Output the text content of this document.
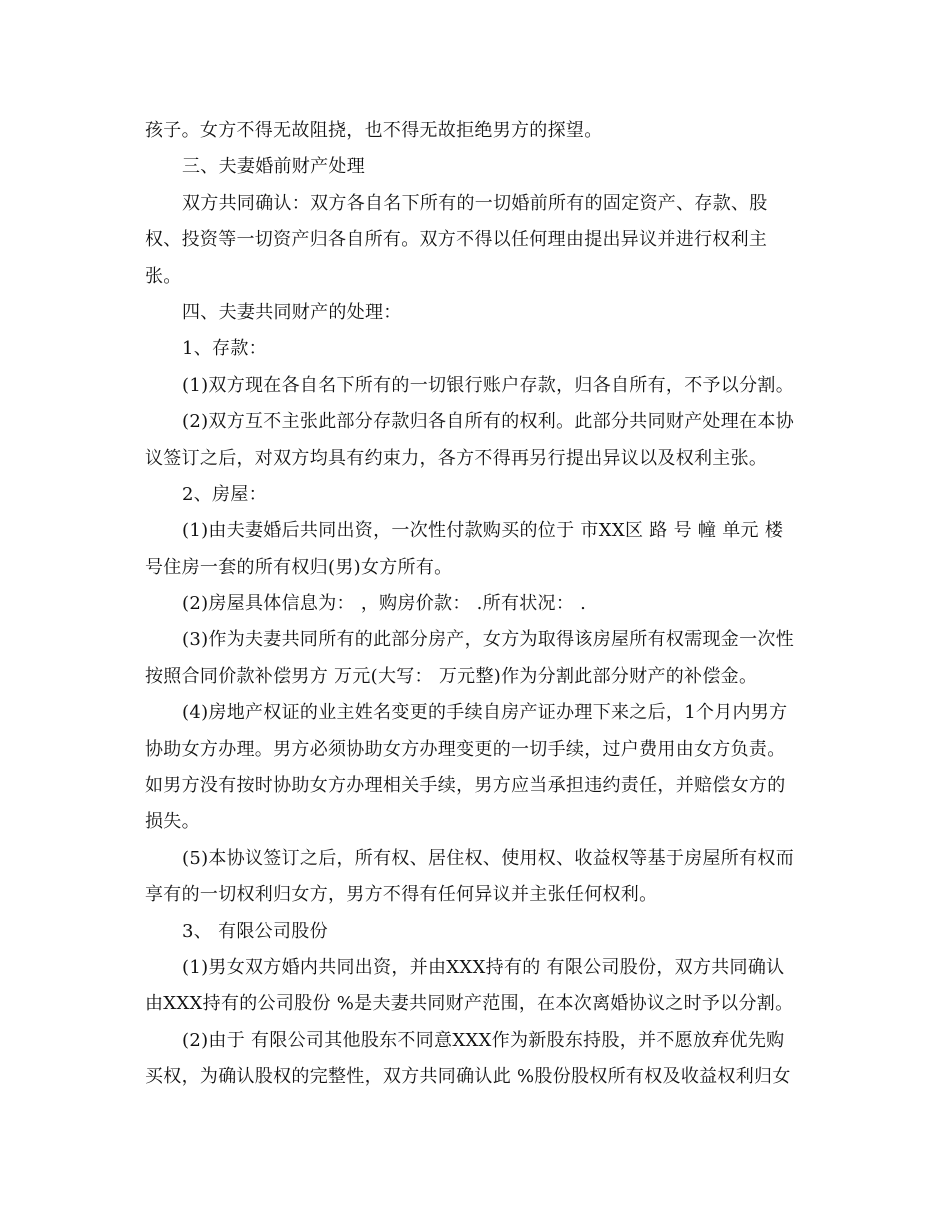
孩子。女方不得无故阻挠，也不得无故拒绝男方的探望。
三、夫妻婚前财产处理
双方共同确认：双方各自名下所有的一切婚前所有的固定资产、存款、股
权、投资等一切资产归各自所有。双方不得以任何理由提出异议并进行权利主
张。
四、夫妻共同财产的处理：
1、存款：
(1)双方现在各自名下所有的一切银行账户存款，归各自所有，不予以分割。
(2)双方互不主张此部分存款归各自所有的权利。此部分共同财产处理在本协
议签订之后，对双方均具有约束力，各方不得再另行提出异议以及权利主张。
2、房屋：
(1)由夫妻婚后共同出资，一次性付款购买的位于 市XX区 路 号 幢 单元 楼
号住房一套的所有权归(男)女方所有。
(2)房屋具体信息为： ，购房价款： .所有状况： .
(3)作为夫妻共同所有的此部分房产，女方为取得该房屋所有权需现金一次性
按照合同价款补偿男方 万元(大写： 万元整)作为分割此部分财产的补偿金。
(4)房地产权证的业主姓名变更的手续自房产证办理下来之后，1个月内男方
协助女方办理。男方必须协助女方办理变更的一切手续，过户费用由女方负责。
如男方没有按时协助女方办理相关手续，男方应当承担违约责任，并赔偿女方的
损失。
(5)本协议签订之后，所有权、居住权、使用权、收益权等基于房屋所有权而
享有的一切权利归女方，男方不得有任何异议并主张任何权利。
3、 有限公司股份
(1)男女双方婚内共同出资，并由XXX持有的 有限公司股份，双方共同确认
由XXX持有的公司股份 %是夫妻共同财产范围，在本次离婚协议之时予以分割。
(2)由于 有限公司其他股东不同意XXX作为新股东持股，并不愿放弃优先购
买权，为确认股权的完整性，双方共同确认此 %股份股权所有权及收益权利归女
